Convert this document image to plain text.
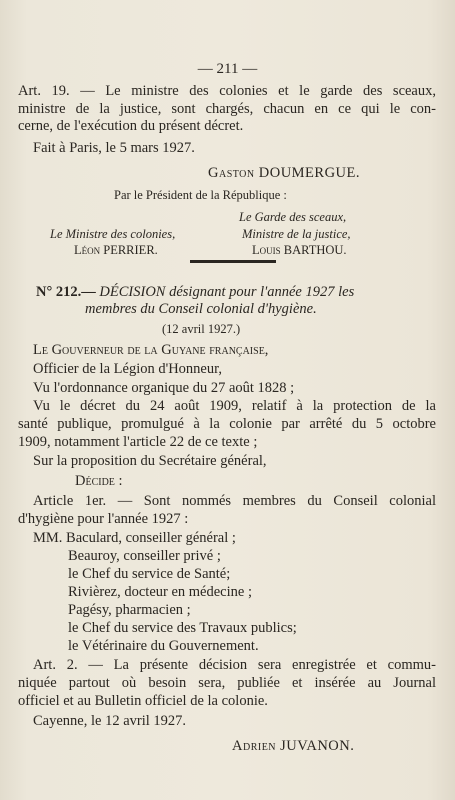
— 211 —
Art. 19. — Le ministre des colonies et le garde des sceaux,
ministre de la justice, sont chargés, chacun en ce qui le con-
cerne, de l'exécution du présent décret.
Fait à Paris, le 5 mars 1927.
Gaston DOUMERGUE.
Par le Président de la République :
Le Garde des sceaux,
Le Ministre des colonies,	Ministre de la justice,
Léon PERRIER.	Louis BARTHOU.
N° 212.— DÉCISION désignant pour l'année 1927 les
membres du Conseil colonial d'hygiène.
(12 avril 1927.)
Le Gouverneur de la Guyane française,
Officier de la Légion d'Honneur,
Vu l'ordonnance organique du 27 août 1828 ;
Vu le décret du 24 août 1909, relatif à la protection de la
santé publique, promulgué à la colonie par arrêté du 5 octobre
1909, notamment l'article 22 de ce texte ;
Sur la proposition du Secrétaire général,
Décide :
Article 1er. — Sont nommés membres du Conseil colonial
d'hygiène pour l'année 1927 :
MM. Baculard, conseiller général ;
Beauroy, conseiller privé ;
le Chef du service de Santé;
Rivièrez, docteur en médecine ;
Pagésy, pharmacien ;
le Chef du service des Travaux publics;
le Vétérinaire du Gouvernement.
Art. 2. — La présente décision sera enregistrée et commu-
niquée partout où besoin sera, publiée et insérée au Journal
officiel et au Bulletin officiel de la colonie.
Cayenne, le 12 avril 1927.
Adrien JUVANON.
